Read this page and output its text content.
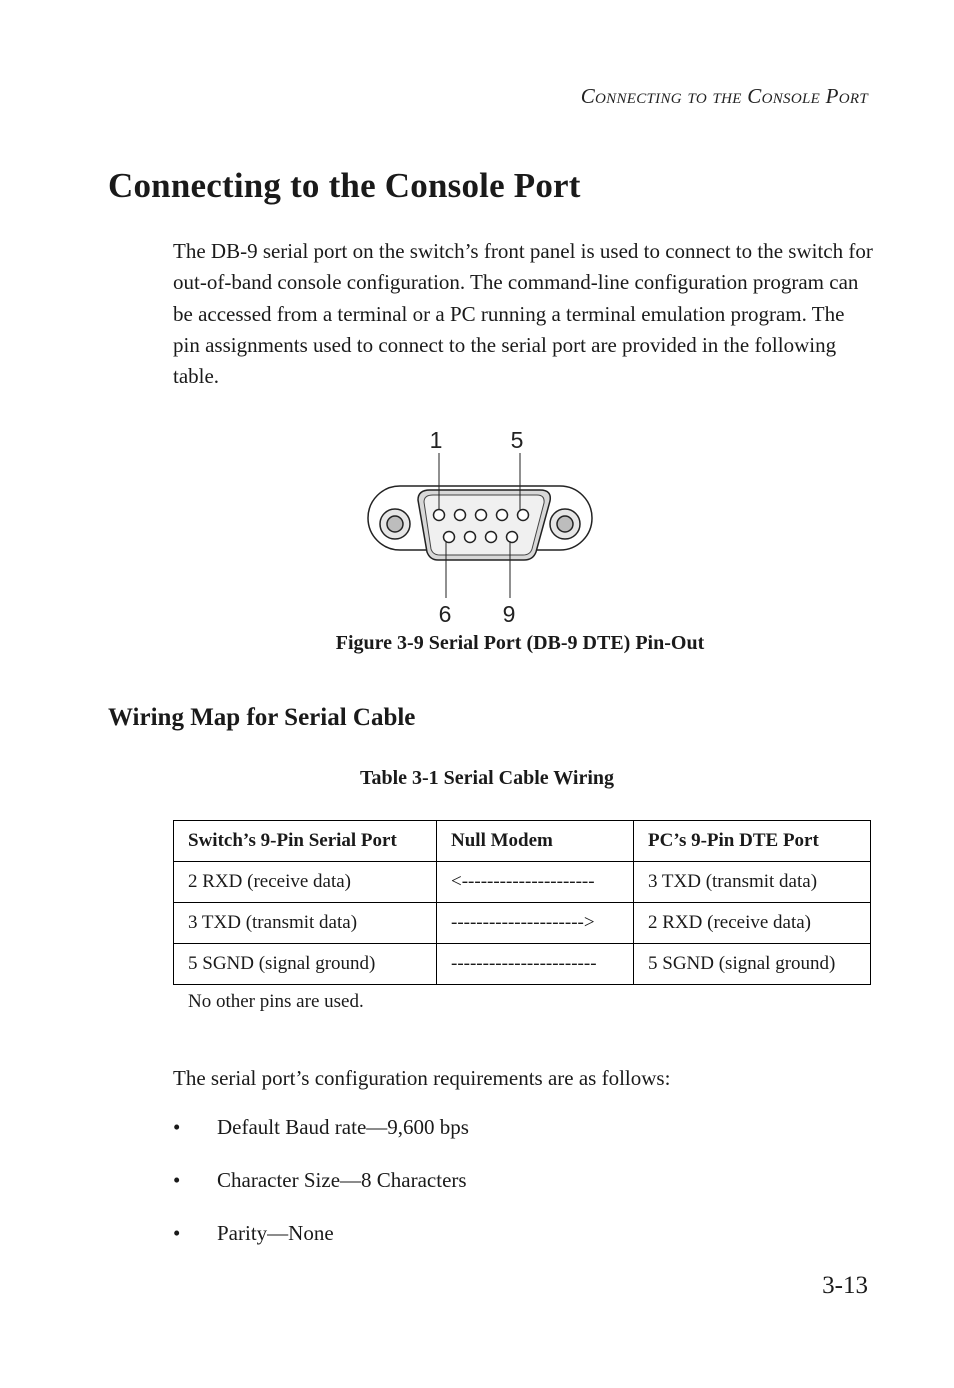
Connecting to the Console Port
Connecting to the Console Port

The DB-9 serial port on the switch’s front panel is used to connect to the switch for out-of-band console configuration. The command-line configuration program can be accessed from a terminal or a PC running a terminal emulation program. The pin assignments used to connect to the serial port are provided in the following table.

1	5
6 9

Figure 3-9 Serial Port (DB-9 DTE) Pin-Out

Wiring Map for Serial Cable

Table 3-1 Serial Cable Wiring

Switch’s 9-Pin Serial Port	Null Modem	PC’s 9-Pin DTE Port
2 RXD (receive data)	<---------------------	3 TXD (transmit data)
3 TXD (transmit data)	--------------------->	2 RXD (receive data)
5 SGND (signal ground)	-----------------------	5 SGND (signal ground)

No other pins are used.

The serial port’s configuration requirements are as follows:

• Default Baud rate—9,600 bps
• Character Size—8 Characters
• Parity—None
3-13
